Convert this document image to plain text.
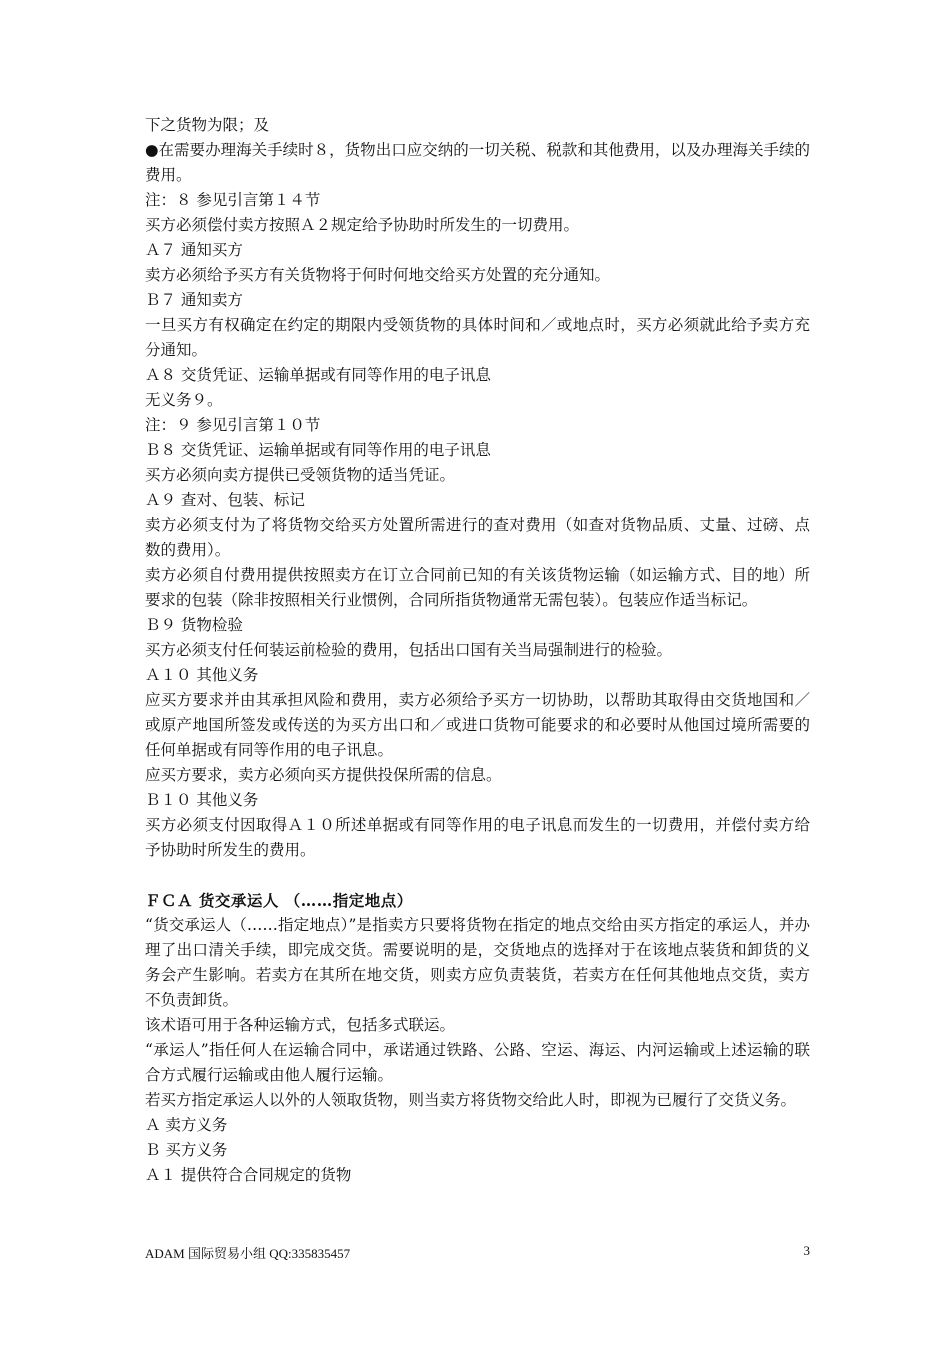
下之货物为限；及

●在需要办理海关手续时８，货物出口应交纳的一切关税、税款和其他费用，以及办理海关手续的费用。

注：８ 参见引言第１４节

买方必须偿付卖方按照Ａ２规定给予协助时所发生的一切费用。

Ａ７ 通知买方

卖方必须给予买方有关货物将于何时何地交给买方处置的充分通知。

Ｂ７ 通知卖方

一旦买方有权确定在约定的期限内受领货物的具体时间和／或地点时，买方必须就此给予卖方充分通知。

Ａ８ 交货凭证、运输单据或有同等作用的电子讯息

无义务９。

注：９ 参见引言第１０节

Ｂ８ 交货凭证、运输单据或有同等作用的电子讯息

买方必须向卖方提供已受领货物的适当凭证。

Ａ９ 查对、包装、标记

卖方必须支付为了将货物交给买方处置所需进行的查对费用（如查对货物品质、丈量、过磅、点数的费用）。

卖方必须自付费用提供按照卖方在订立合同前已知的有关该货物运输（如运输方式、目的地）所要求的包装（除非按照相关行业惯例，合同所指货物通常无需包装）。包装应作适当标记。

Ｂ９ 货物检验

买方必须支付任何装运前检验的费用，包括出口国有关当局强制进行的检验。

Ａ１０ 其他义务

应买方要求并由其承担风险和费用，卖方必须给予买方一切协助，以帮助其取得由交货地国和／或原产地国所签发或传送的为买方出口和／或进口货物可能要求的和必要时从他国过境所需要的任何单据或有同等作用的电子讯息。

应买方要求，卖方必须向买方提供投保所需的信息。

Ｂ１０ 其他义务

买方必须支付因取得Ａ１０所述单据或有同等作用的电子讯息而发生的一切费用，并偿付卖方给予协助时所发生的费用。

ＦＣＡ 货交承运人 （……指定地点）

“货交承运人（……指定地点）”是指卖方只要将货物在指定的地点交给由买方指定的承运人，并办理了出口清关手续，即完成交货。需要说明的是，交货地点的选择对于在该地点装货和卸货的义务会产生影响。若卖方在其所在地交货，则卖方应负责装货，若卖方在任何其他地点交货，卖方不负责卸货。

该术语可用于各种运输方式，包括多式联运。

“承运人”指任何人在运输合同中，承诺通过铁路、公路、空运、海运、内河运输或上述运输的联合方式履行运输或由他人履行运输。

若买方指定承运人以外的人领取货物，则当卖方将货物交给此人时，即视为已履行了交货义务。

Ａ 卖方义务

Ｂ 买方义务

Ａ１ 提供符合合同规定的货物

ADAM 国际贸易小组 QQ:335835457	3
